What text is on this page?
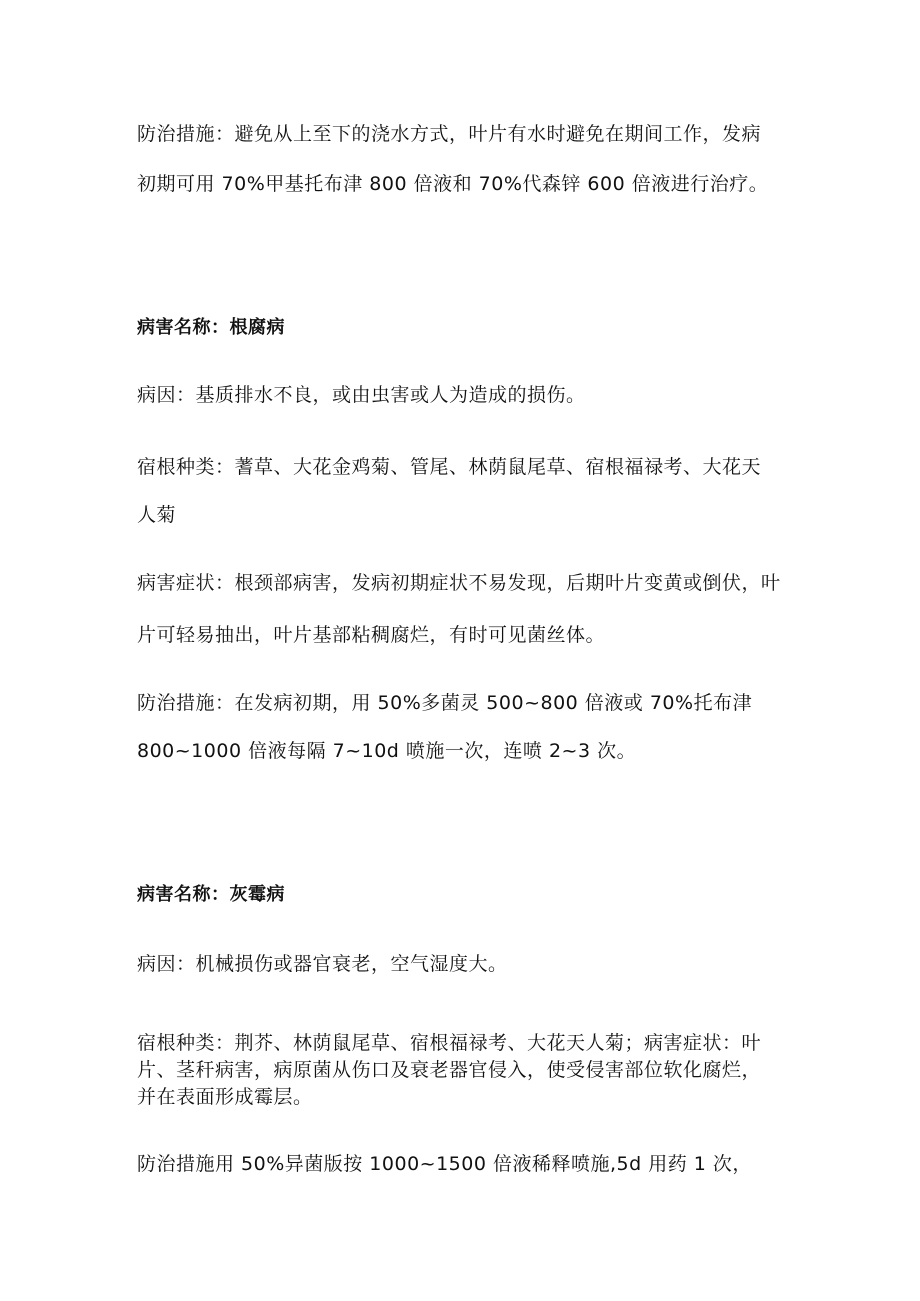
防治措施：避免从上至下的浇水方式，叶片有水时避免在期间工作，发病
初期可用 70%甲基托布津 800 倍液和 70%代森锌 600 倍液进行治疗。
病害名称：根腐病
病因：基质排水不良，或由虫害或人为造成的损伤。
宿根种类：蓍草、大花金鸡菊、管尾、林荫鼠尾草、宿根福禄考、大花天
人菊
病害症状：根颈部病害，发病初期症状不易发现，后期叶片变黄或倒伏，叶
片可轻易抽出，叶片基部粘稠腐烂，有时可见菌丝体。
防治措施：在发病初期，用 50%多菌灵 500~800 倍液或 70%托布津
800~1000 倍液每隔 7~10d 喷施一次，连喷 2~3 次。
病害名称：灰霉病
病因：机械损伤或器官衰老，空气湿度大。
宿根种类：荆芥、林荫鼠尾草、宿根福禄考、大花天人菊；病害症状：叶
片、茎秆病害，病原菌从伤口及衰老器官侵入，使受侵害部位软化腐烂，
并在表面形成霉层。
防治措施用 50%异菌版按 1000~1500 倍液稀释喷施,5d 用药 1 次，
